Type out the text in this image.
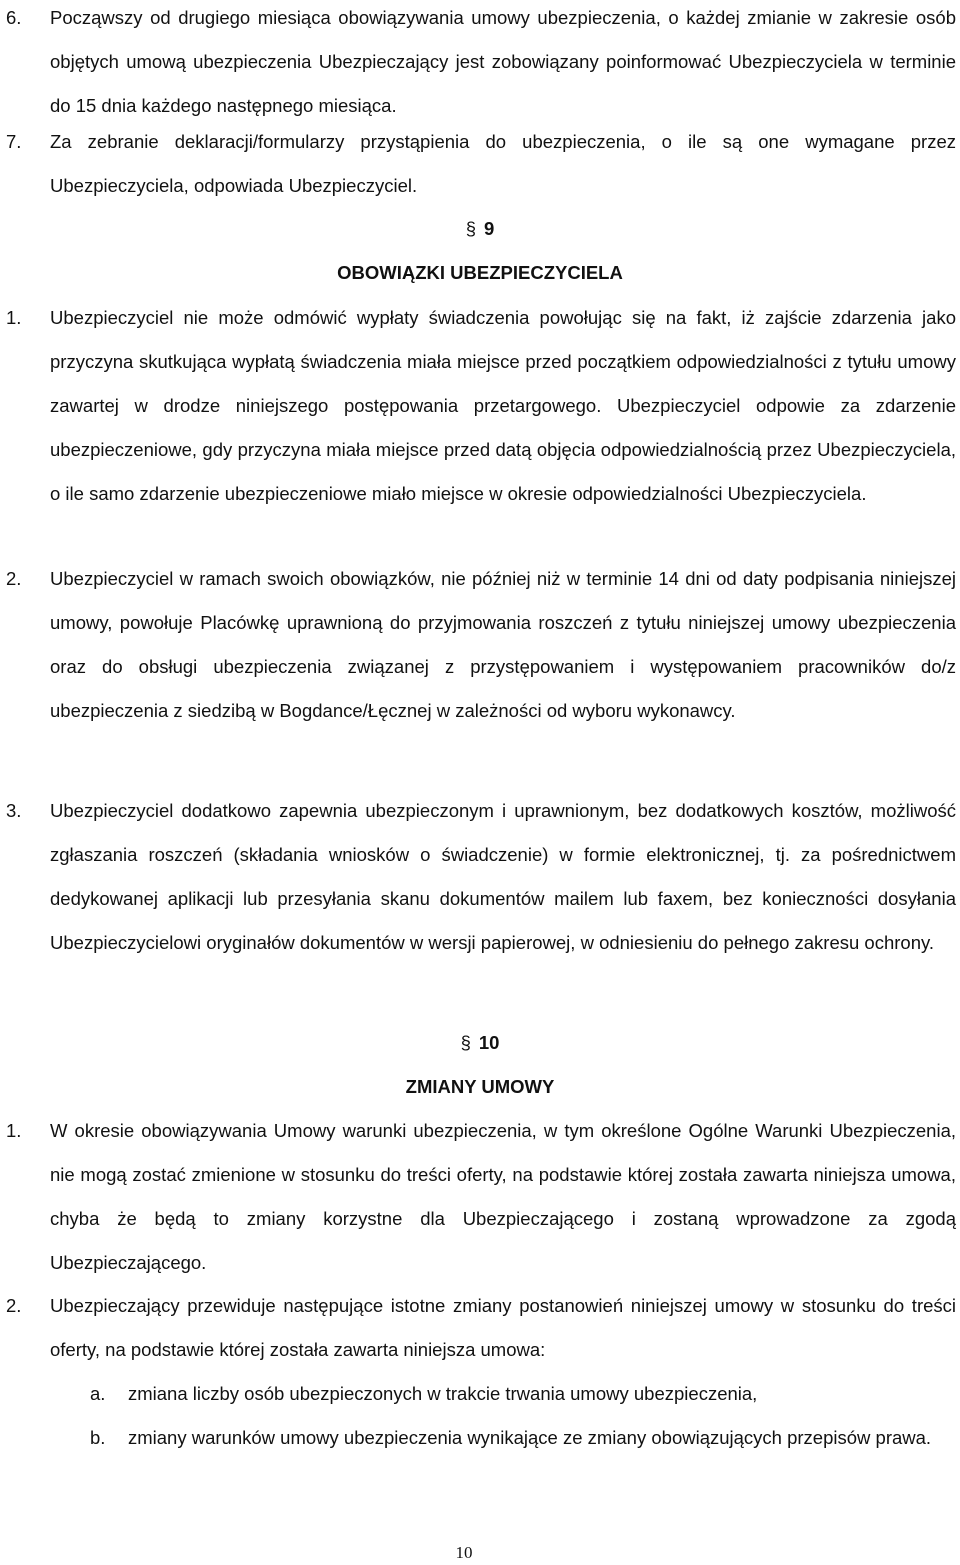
6. Począwszy od drugiego miesiąca obowiązywania umowy ubezpieczenia, o każdej zmianie w zakresie osób objętych umową ubezpieczenia Ubezpieczający jest zobowiązany poinformować Ubezpieczyciela w terminie do 15 dnia każdego następnego miesiąca.
7. Za zebranie deklaracji/formularzy przystąpienia do ubezpieczenia, o ile są one wymagane przez Ubezpieczyciela, odpowiada Ubezpieczyciel.
§ 9
OBOWIĄZKI UBEZPIECZYCIELA
1. Ubezpieczyciel nie może odmówić wypłaty świadczenia powołując się na fakt, iż zajście zdarzenia jako przyczyna skutkująca wypłatą świadczenia miała miejsce przed początkiem odpowiedzialności z tytułu umowy zawartej w drodze niniejszego postępowania przetargowego. Ubezpieczyciel odpowie za zdarzenie ubezpieczeniowe, gdy przyczyna miała miejsce przed datą objęcia odpowiedzialnością przez Ubezpieczyciela, o ile samo zdarzenie ubezpieczeniowe miało miejsce w okresie odpowiedzialności Ubezpieczyciela.
2. Ubezpieczyciel w ramach swoich obowiązków, nie później niż w terminie 14 dni od daty podpisania niniejszej umowy, powołuje Placówkę uprawnioną do przyjmowania roszczeń z tytułu niniejszej umowy ubezpieczenia oraz do obsługi ubezpieczenia związanej z przystępowaniem i występowaniem pracowników do/z ubezpieczenia z siedzibą w Bogdance/Łęcznej w zależności od wyboru wykonawcy.
3. Ubezpieczyciel dodatkowo zapewnia ubezpieczonym i uprawnionym, bez dodatkowych kosztów, możliwość zgłaszania roszczeń (składania wniosków o świadczenie) w formie elektronicznej, tj. za pośrednictwem dedykowanej aplikacji lub przesyłania skanu dokumentów mailem lub faxem, bez konieczności dosyłania Ubezpieczycielowi oryginałów dokumentów w wersji papierowej, w odniesieniu do pełnego zakresu ochrony.
§ 10
ZMIANY UMOWY
1. W okresie obowiązywania Umowy warunki ubezpieczenia, w tym określone Ogólne Warunki Ubezpieczenia, nie mogą zostać zmienione w stosunku do treści oferty, na podstawie której została zawarta niniejsza umowa, chyba że będą to zmiany korzystne dla Ubezpieczającego i zostaną wprowadzone za zgodą Ubezpieczającego.
2. Ubezpieczający przewiduje następujące istotne zmiany postanowień niniejszej umowy w stosunku do treści oferty, na podstawie której została zawarta niniejsza umowa:
a. zmiana liczby osób ubezpieczonych w trakcie trwania umowy ubezpieczenia,
b. zmiany warunków umowy ubezpieczenia wynikające ze zmiany obowiązujących przepisów prawa.
10
